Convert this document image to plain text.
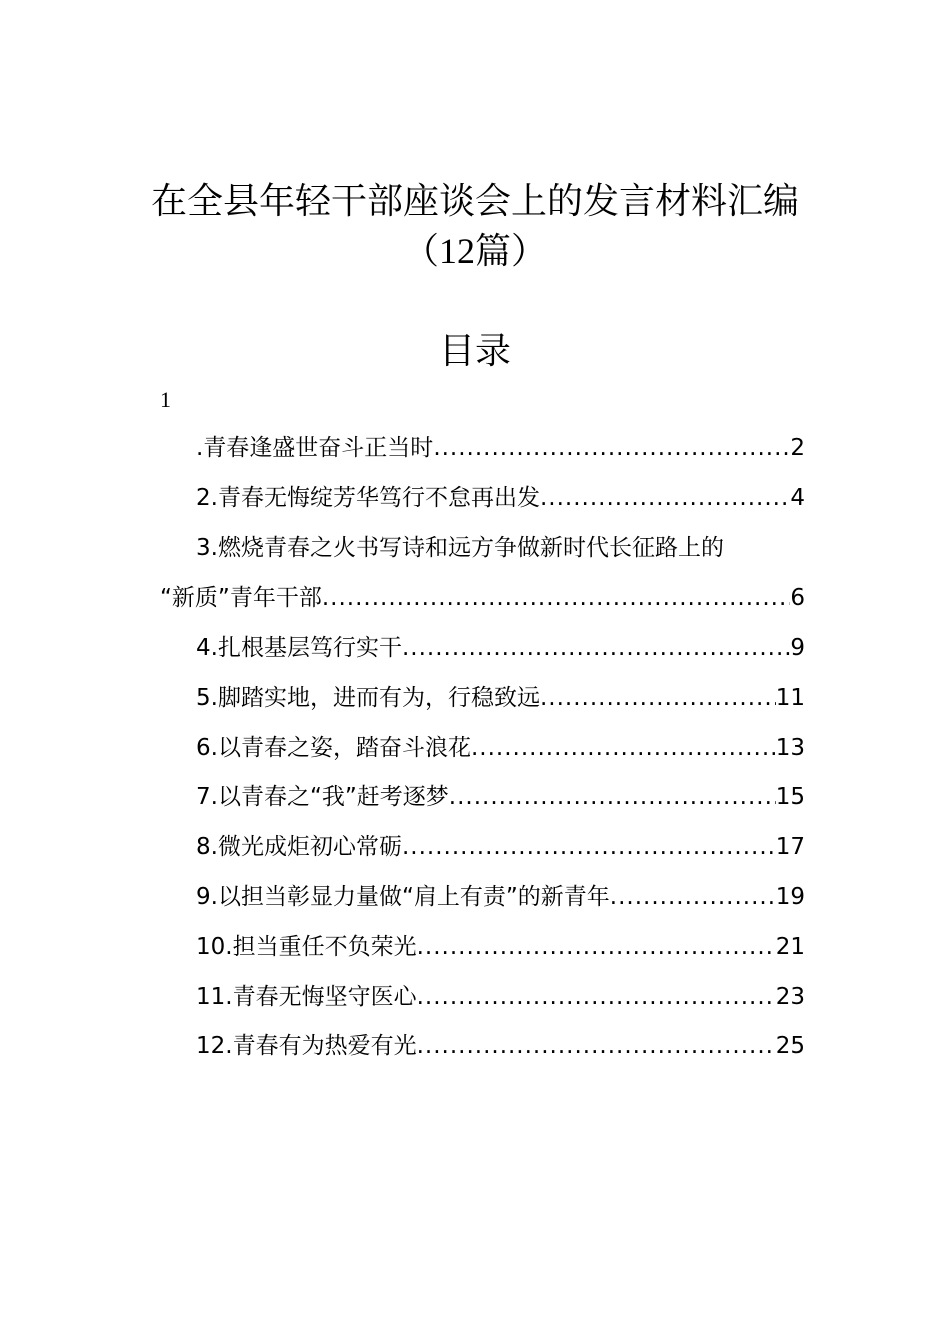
在全县年轻干部座谈会上的发言材料汇编
（12篇）
目录
1
.青春逢盛世奋斗正当时 .....	2
2.青春无悔绽芳华笃行不怠再出发 .....	4
3.燃烧青春之火书写诗和远方争做新时代长征路上的
“新质”青年干部 .....	6
4.扎根基层笃行实干 .....	9
5.脚踏实地，进而有为，行稳致远 .....	11
6.以青春之姿，踏奋斗浪花 .....	13
7.以青春之“我”赶考逐梦 .....	15
8.微光成炬初心常砺 .....	17
9.以担当彰显力量做“肩上有责”的新青年 .....	19
10.担当重任不负荣光 .....	21
11.青春无悔坚守医心 .....	23
12.青春有为热爱有光 .....	25
